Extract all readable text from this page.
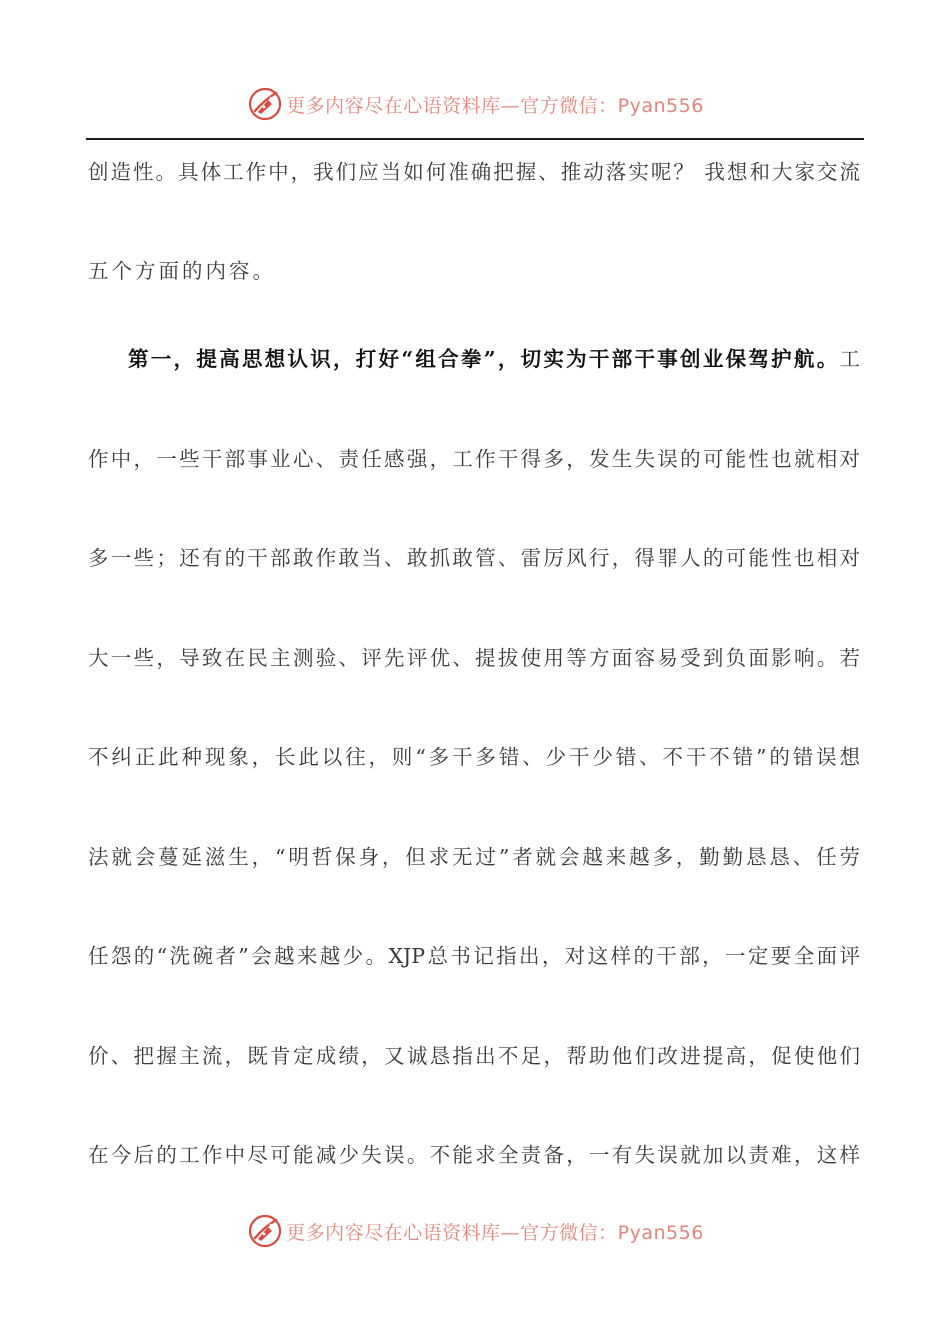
更多内容尽在心语资料库—官方微信：Pyan556
创造性。具体工作中，我们应当如何准确把握、推动落实呢？ 我想和大家交流
五个方面的内容。
第一，提高思想认识，打好“组合拳”，切实为干部干事创业保驾护航。工
作中，一些干部事业心、责任感强，工作干得多，发生失误的可能性也就相对
多一些；还有的干部敢作敢当、敢抓敢管、雷厉风行，得罪人的可能性也相对
大一些，导致在民主测验、评先评优、提拔使用等方面容易受到负面影响。若
不纠正此种现象，长此以往，则“多干多错、少干少错、不干不错”的错误想
法就会蔓延滋生，“明哲保身，但求无过”者就会越来越多，勤勤恳恳、任劳
任怨的“洗碗者”会越来越少。XJP总书记指出，对这样的干部，一定要全面评
价、把握主流，既肯定成绩，又诚恳指出不足，帮助他们改进提高，促使他们
在今后的工作中尽可能减少失误。不能求全责备，一有失误就加以责难，这样
更多内容尽在心语资料库—官方微信：Pyan556
